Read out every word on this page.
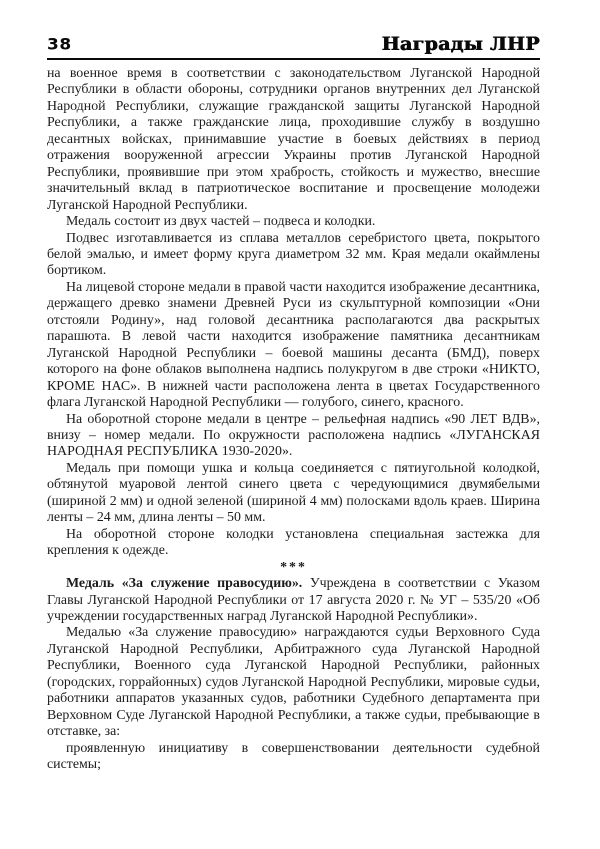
38	Награды ЛНР

на военное время в соответствии с законодательством Луганской Народной Республики в области обороны, сотрудники органов внутренних дел Луганской Народной Республики, служащие гражданской защиты Луганской Народной Республики, а также гражданские лица, проходившие службу в воздушно десантных войсках, принимавшие участие в боевых действиях в период отражения вооруженной агрессии Украины против Луганской Народной Республики, проявившие при этом храбрость, стойкость и мужество, внесшие значительный вклад в патриотическое воспитание и просвещение молодежи Луганской Народной Республики.

Медаль состоит из двух частей – подвеса и колодки.

Подвес изготавливается из сплава металлов серебристого цвета, покрытого белой эмалью, и имеет форму круга диаметром 32 мм. Края медали окаймлены бортиком.

На лицевой стороне медали в правой части находится изображение десантника, держащего древко знамени Древней Руси из скульптурной композиции «Они отстояли Родину», над головой десантника располагаются два раскрытых парашюта. В левой части находится изображение памятника десантникам Луганской Народной Республики – боевой машины десанта (БМД), поверх которого на фоне облаков выполнена надпись полукругом в две строки «НИКТО, КРОМЕ НАС». В нижней части расположена лента в цветах Государственного флага Луганской Народной Республики — голубого, синего, красного.

На оборотной стороне медали в центре – рельефная надпись «90 ЛЕТ ВДВ», внизу – номер медали. По окружности расположена надпись «ЛУГАНСКАЯ НАРОДНАЯ РЕСПУБЛИКА 1930-2020».

Медаль при помощи ушка и кольца соединяется с пятиугольной колодкой, обтянутой муаровой лентой синего цвета с чередующимися двумябелыми (шириной 2 мм) и одной зеленой (шириной 4 мм) полосками вдоль краев. Ширина ленты – 24 мм, длина ленты – 50 мм.

На оборотной стороне колодки установлена специальная застежка для крепления к одежде.

***

Медаль «За служение правосудию». Учреждена в соответствии с Указом Главы Луганской Народной Республики от 17 августа 2020 г. № УГ – 535/20 «Об учреждении государственных наград Луганской Народной Республики».

Медалью «За служение правосудию» награждаются судьи Верховного Суда Луганской Народной Республики, Арбитражного суда Луганской Народной Республики, Военного суда Луганской Народной Республики, районных (городских, горрайонных) судов Луганской Народной Республики, мировые судьи, работники аппаратов указанных судов, работники Судебного департамента при Верховном Суде Луганской Народной Республики, а также судьи, пребывающие в отставке, за:

проявленную инициативу в совершенствовании деятельности судебной системы;
